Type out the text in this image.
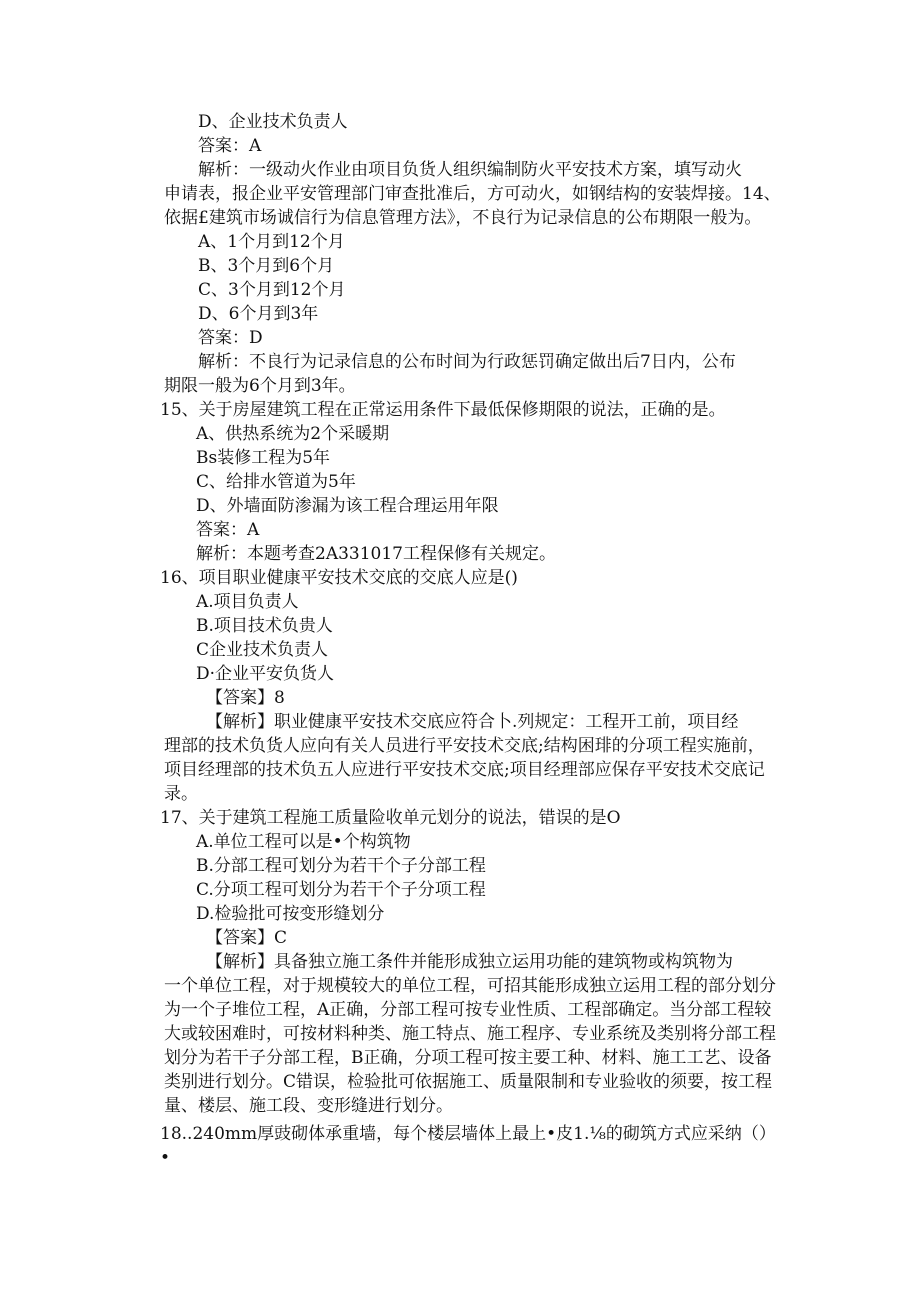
D、企业技术负责人
答案：A
解析：一级动火作业由项目负货人组织编制防火平安技术方案，填写动火
申请表，报企业平安管理部门审查批准后，方可动火，如钢结构的安装焊接。14、
依据£建筑市场诚信行为信息管理方法》，不良行为记录信息的公布期限一般为。
A、1个月到12个月
B、3个月到6个月
C、3个月到12个月
D、6个月到3年
答案：D
解析：不良行为记录信息的公布时间为行政惩罚确定做出后7日内，公布
期限一般为6个月到3年。
15、关于房屋建筑工程在正常运用条件下最低保修期限的说法，正确的是。
A、供热系统为2个采暖期
Bs装修工程为5年
C、给排水管道为5年
D、外墙面防渗漏为该工程合理运用年限
答案：A
解析：本题考查2A331017工程保修有关规定。
16、项目职业健康平安技术交底的交底人应是()
A.项目负责人
B.项目技术负贵人
C企业技术负责人
D·企业平安负货人
【答案】8
【解析】职业健康平安技术交底应符合卜.列规定：工程开工前，项目经
理部的技术负货人应向有关人员进行平安技术交底;结构困琲的分项工程实施前，
项目经理部的技术负五人应进行平安技术交底;项目经理部应保存平安技术交底记
录。
17、关于建筑工程施工质量险收单元划分的说法，错误的是O
A.单位工程可以是•个构筑物
B.分部工程可划分为若干个子分部工程
C.分项工程可划分为若干个子分项工程
D.检验批可按变形缝划分
【答案】C
【解析】具备独立施工条件并能形成独立运用功能的建筑物或构筑物为
一个单位工程，对于规模较大的单位工程，可招其能形成独立运用工程的部分划分
为一个子堆位工程，A正确，分部工程可按专业性质、工程部确定。当分部工程较
大或较困难时，可按材料种类、施工特点、施工程序、专业系统及类别将分部工程
划分为若干子分部工程，B正确，分项工程可按主要工种、材料、施工工艺、设备
类别进行划分。C错误，检验批可依据施工、质量限制和专业验收的须要，按工程
量、楼层、施工段、变形缝进行划分。
18..240mm厚豉砌体承重墙，每个楼层墙体上最上•皮1.⅛的砌筑方式应采纳（）
•
